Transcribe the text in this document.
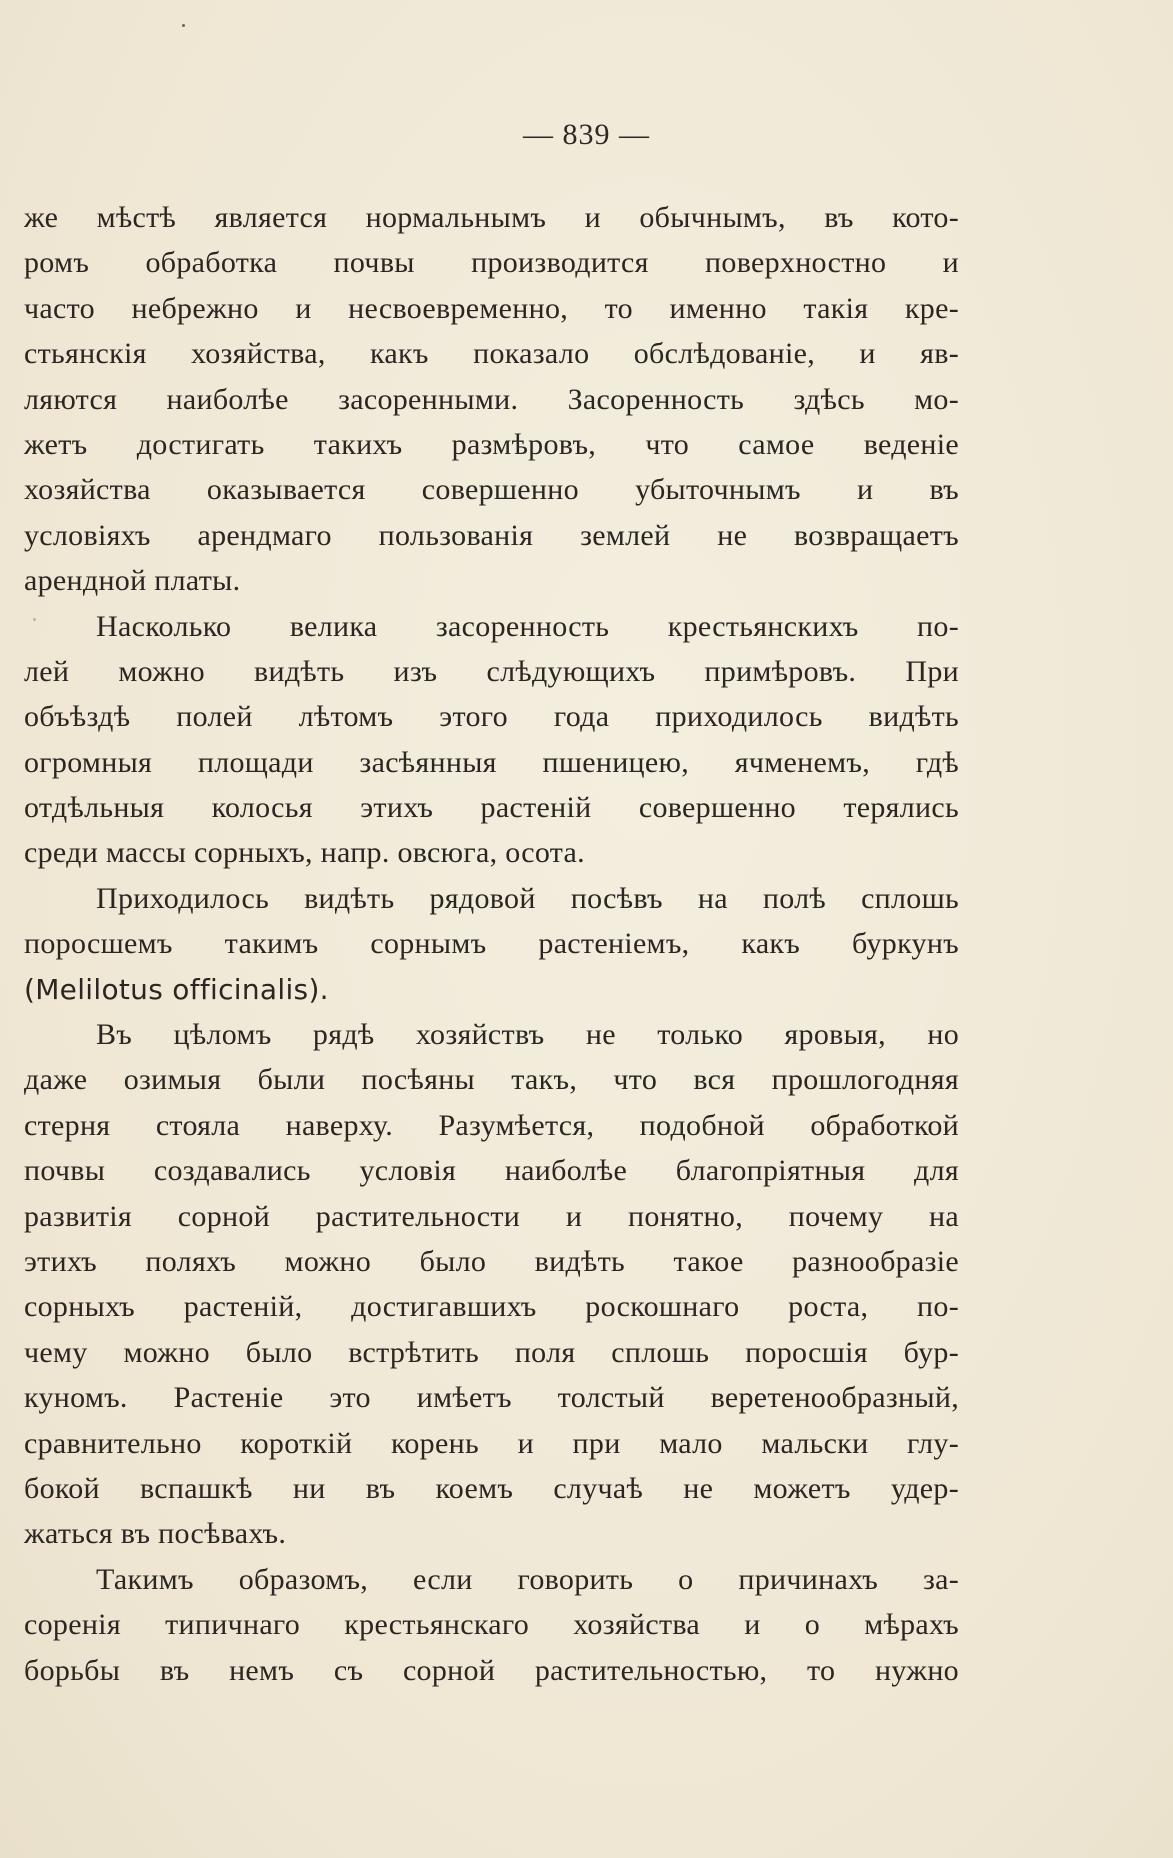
— 839 —
же мѣстѣ является нормальнымъ и обычнымъ, въ кото-
ромъ обработка почвы производится поверхностно и
часто небрежно и несвоевременно, то именно такія кре-
стьянскія хозяйства, какъ показало обслѣдованіе, и яв-
ляются наиболѣе засоренными. Засоренность здѣсь мо-
жетъ достигать такихъ размѣровъ, что самое веденіе
хозяйства оказывается совершенно убыточнымъ и въ
условіяхъ арендмаго пользованія землей не возвращаетъ
арендной платы.
Насколько велика засоренность крестьянскихъ по-
лей можно видѣть изъ слѣдующихъ примѣровъ. При
объѣздѣ полей лѣтомъ этого года приходилось видѣть
огромныя площади засѣянныя пшеницею, ячменемъ, гдѣ
отдѣльныя колосья этихъ растеній совершенно терялись
среди массы сорныхъ, напр. овсюга, осота.
Приходилось видѣть рядовой посѣвъ на полѣ сплошь
поросшемъ такимъ сорнымъ растеніемъ, какъ буркунъ
(Melilotus officinalis).
Въ цѣломъ рядѣ хозяйствъ не только яровыя, но
даже озимыя были посѣяны такъ, что вся прошлогодняя
стерня стояла наверху. Разумѣется, подобной обработкой
почвы создавались условія наиболѣе благопріятныя для
развитія сорной растительности и понятно, почему на
этихъ поляхъ можно было видѣть такое разнообразіе
сорныхъ растеній, достигавшихъ роскошнаго роста, по-
чему можно было встрѣтить поля сплошь поросшія бур-
куномъ. Растеніе это имѣетъ толстый веретенообразный,
сравнительно короткій корень и при мало мальски глу-
бокой вспашкѣ ни въ коемъ случаѣ не можетъ удер-
жаться въ посѣвахъ.
Такимъ образомъ, если говорить о причинахъ за-
соренія типичнаго крестьянскаго хозяйства и о мѣрахъ
борьбы въ немъ съ сорной растительностью, то нужно
